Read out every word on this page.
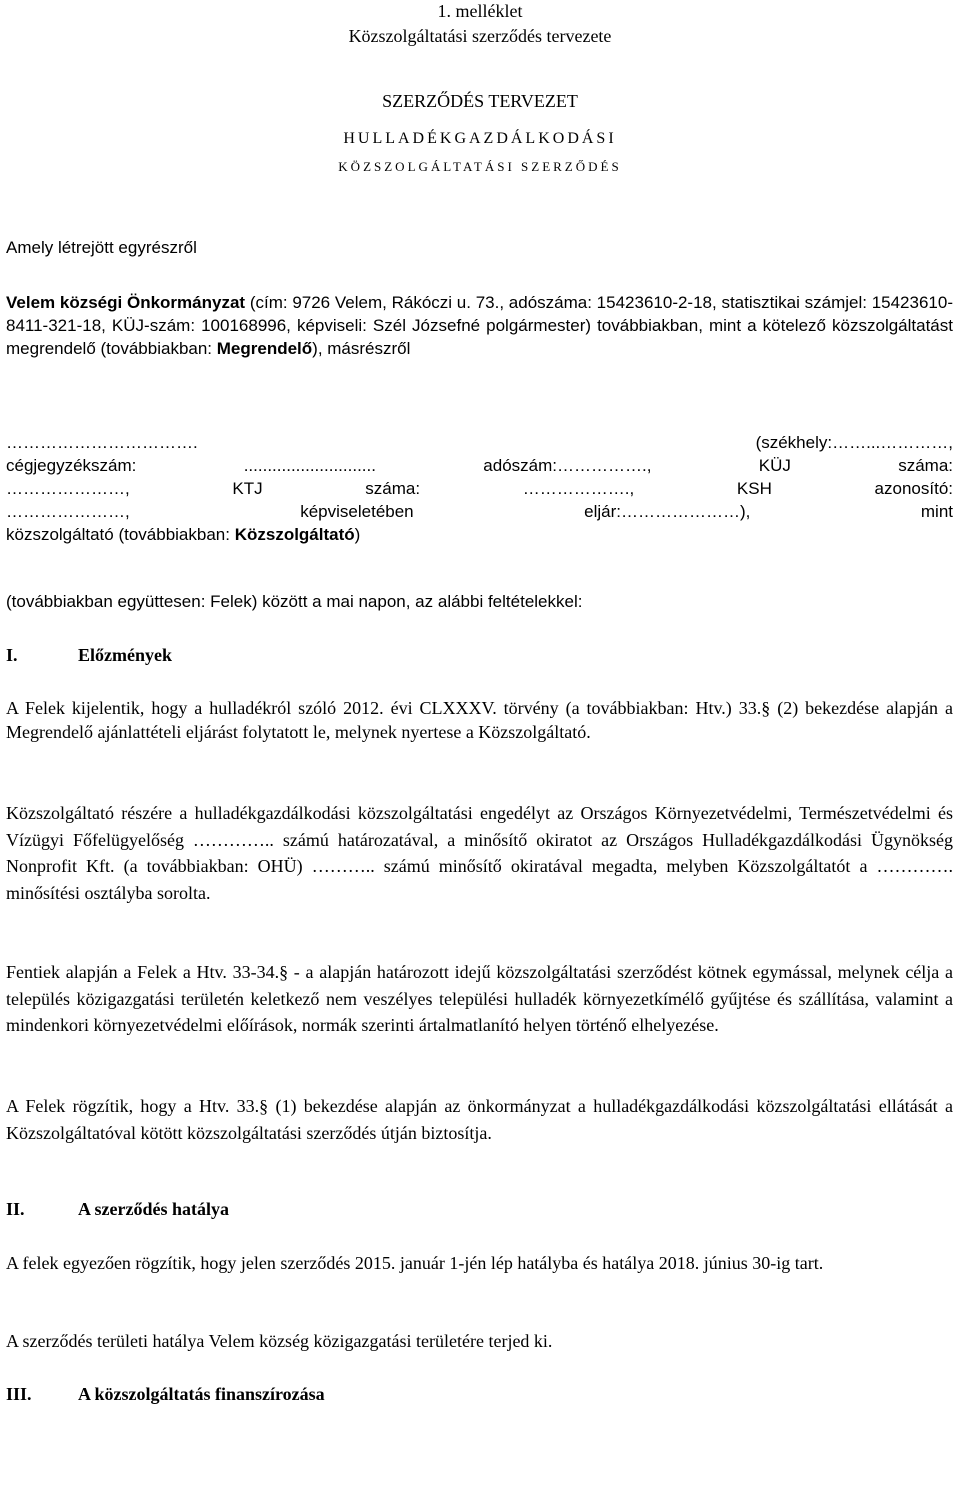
1. melléklet
Közszolgáltatási szerződés tervezete
SZERZŐDÉS TERVEZET
HULLADÉKGAZDÁLKODÁSI
KÖZSZOLGÁLTATÁSI SZERZŐDÉS
Amely létrejött egyrészről
Velem községi Önkormányzat (cím: 9726 Velem, Rákóczi u. 73., adószáma: 15423610-2-18, statisztikai számjel: 15423610-8411-321-18, KÜJ-szám: 100168996, képviseli: Szél Józsefné polgármester) továbbiakban, mint a kötelező közszolgáltatást megrendelő (továbbiakban: Megrendelő), másrészről
……………………………. (székhely:……...…………,
cégjegyzékszám: ............................ adószám:……………., KÜJ száma:
…………………, KTJ száma: ………………., KSH azonosító:
…………………, képviseletében eljár:…………………), mint
közszolgáltató (továbbiakban: Közszolgáltató)
(továbbiakban együttesen: Felek) között a mai napon, az alábbi feltételekkel:
I.	Előzmények
A Felek kijelentik, hogy a hulladékról szóló 2012. évi CLXXXV. törvény (a továbbiakban: Htv.) 33.§ (2) bekezdése alapján a Megrendelő ajánlattételi eljárást folytatott le, melynek nyertese a Közszolgáltató.
Közszolgáltató részére a hulladékgazdálkodási közszolgáltatási engedélyt az Országos Környezetvédelmi, Természetvédelmi és Vízügyi Főfelügyelőség ………….. számú határozatával, a minősítő okiratot az Országos Hulladékgazdálkodási Ügynökség Nonprofit Kft. (a továbbiakban: OHÜ) ……….. számú minősítő okiratával megadta, melyben Közszolgáltatót a …………. minősítési osztályba sorolta.
Fentiek alapján a Felek a Htv. 33-34.§ - a alapján határozott idejű közszolgáltatási szerződést kötnek egymással, melynek célja a település közigazgatási területén keletkező nem veszélyes települési hulladék környezetkímélő gyűjtése és szállítása, valamint a mindenkori környezetvédelmi előírások, normák szerinti ártalmatlanító helyen történő elhelyezése.
A Felek rögzítik, hogy a Htv. 33.§ (1) bekezdése alapján az önkormányzat a hulladékgazdálkodási közszolgáltatási ellátását a Közszolgáltatóval kötött közszolgáltatási szerződés útján biztosítja.
II.	A szerződés hatálya
A felek egyezően rögzítik, hogy jelen szerződés 2015. január 1-jén lép hatályba és hatálya 2018. június 30-ig tart.
A szerződés területi hatálya Velem község közigazgatási területére terjed ki.
III.	A közszolgáltatás finanszírozása
